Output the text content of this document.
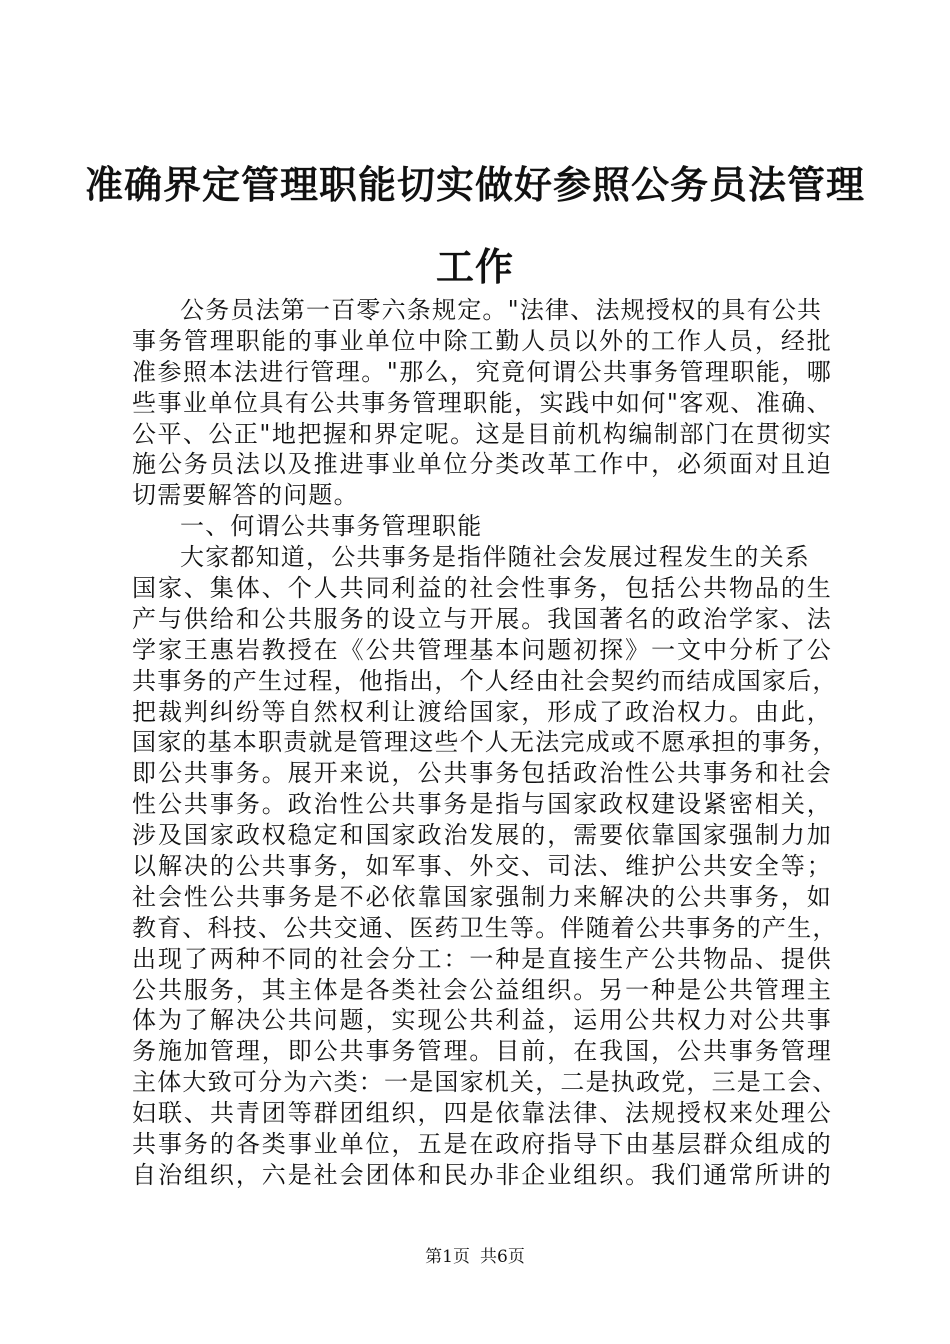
准确界定管理职能切实做好参照公务员法管理
工作
公务员法第一百零六条规定。"法律、法规授权的具有公共
事务管理职能的事业单位中除工勤人员以外的工作人员，经批
准参照本法进行管理。"那么，究竟何谓公共事务管理职能，哪
些事业单位具有公共事务管理职能，实践中如何"客观、准确、
公平、公正"地把握和界定呢。这是目前机构编制部门在贯彻实
施公务员法以及推进事业单位分类改革工作中，必须面对且迫
切需要解答的问题。
一、何谓公共事务管理职能
大家都知道，公共事务是指伴随社会发展过程发生的关系
国家、集体、个人共同利益的社会性事务，包括公共物品的生
产与供给和公共服务的设立与开展。我国著名的政治学家、法
学家王惠岩教授在《公共管理基本问题初探》一文中分析了公
共事务的产生过程，他指出，个人经由社会契约而结成国家后，
把裁判纠纷等自然权利让渡给国家，形成了政治权力。由此，
国家的基本职责就是管理这些个人无法完成或不愿承担的事务，
即公共事务。展开来说，公共事务包括政治性公共事务和社会
性公共事务。政治性公共事务是指与国家政权建设紧密相关，
涉及国家政权稳定和国家政治发展的，需要依靠国家强制力加
以解决的公共事务，如军事、外交、司法、维护公共安全等；
社会性公共事务是不必依靠国家强制力来解决的公共事务，如
教育、科技、公共交通、医药卫生等。伴随着公共事务的产生，
出现了两种不同的社会分工：一种是直接生产公共物品、提供
公共服务，其主体是各类社会公益组织。另一种是公共管理主
体为了解决公共问题，实现公共利益，运用公共权力对公共事
务施加管理，即公共事务管理。目前，在我国，公共事务管理
主体大致可分为六类：一是国家机关，二是执政党，三是工会、
妇联、共青团等群团组织，四是依靠法律、法规授权来处理公
共事务的各类事业单位，五是在政府指导下由基层群众组成的
自治组织，六是社会团体和民办非企业组织。我们通常所讲的
第1页 共6页
